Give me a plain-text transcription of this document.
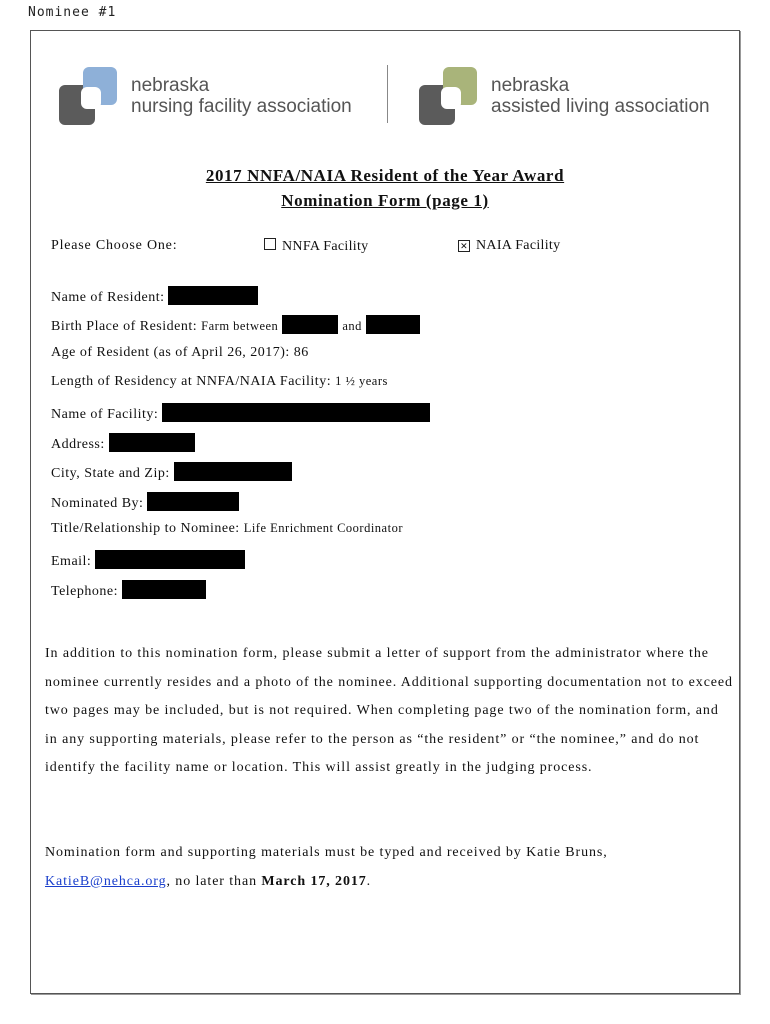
Nominee #1
nebraska
nursing facility association
nebraska
assisted living association
2017 NNFA/NAIA Resident of the Year Award
Nomination Form (page 1)
Please Choose One:	NNFA Facility	✕ NAIA Facility
Name of Resident:
Birth Place of Resident: Farm between	and
Age of Resident (as of April 26, 2017): 86
Length of Residency at NNFA/NAIA Facility: 1 ½ years
Name of Facility:
Address:
City, State and Zip:
Nominated By:
Title/Relationship to Nominee: Life Enrichment Coordinator
Email:
Telephone:
In addition to this nomination form, please submit a letter of support from the administrator where the nominee currently resides and a photo of the nominee. Additional supporting documentation not to exceed two pages may be included, but is not required. When completing page two of the nomination form, and in any supporting materials, please refer to the person as “the resident” or “the nominee,” and do not identify the facility name or location. This will assist greatly in the judging process.
Nomination form and supporting materials must be typed and received by Katie Bruns, KatieB@nehca.org, no later than March 17, 2017.
